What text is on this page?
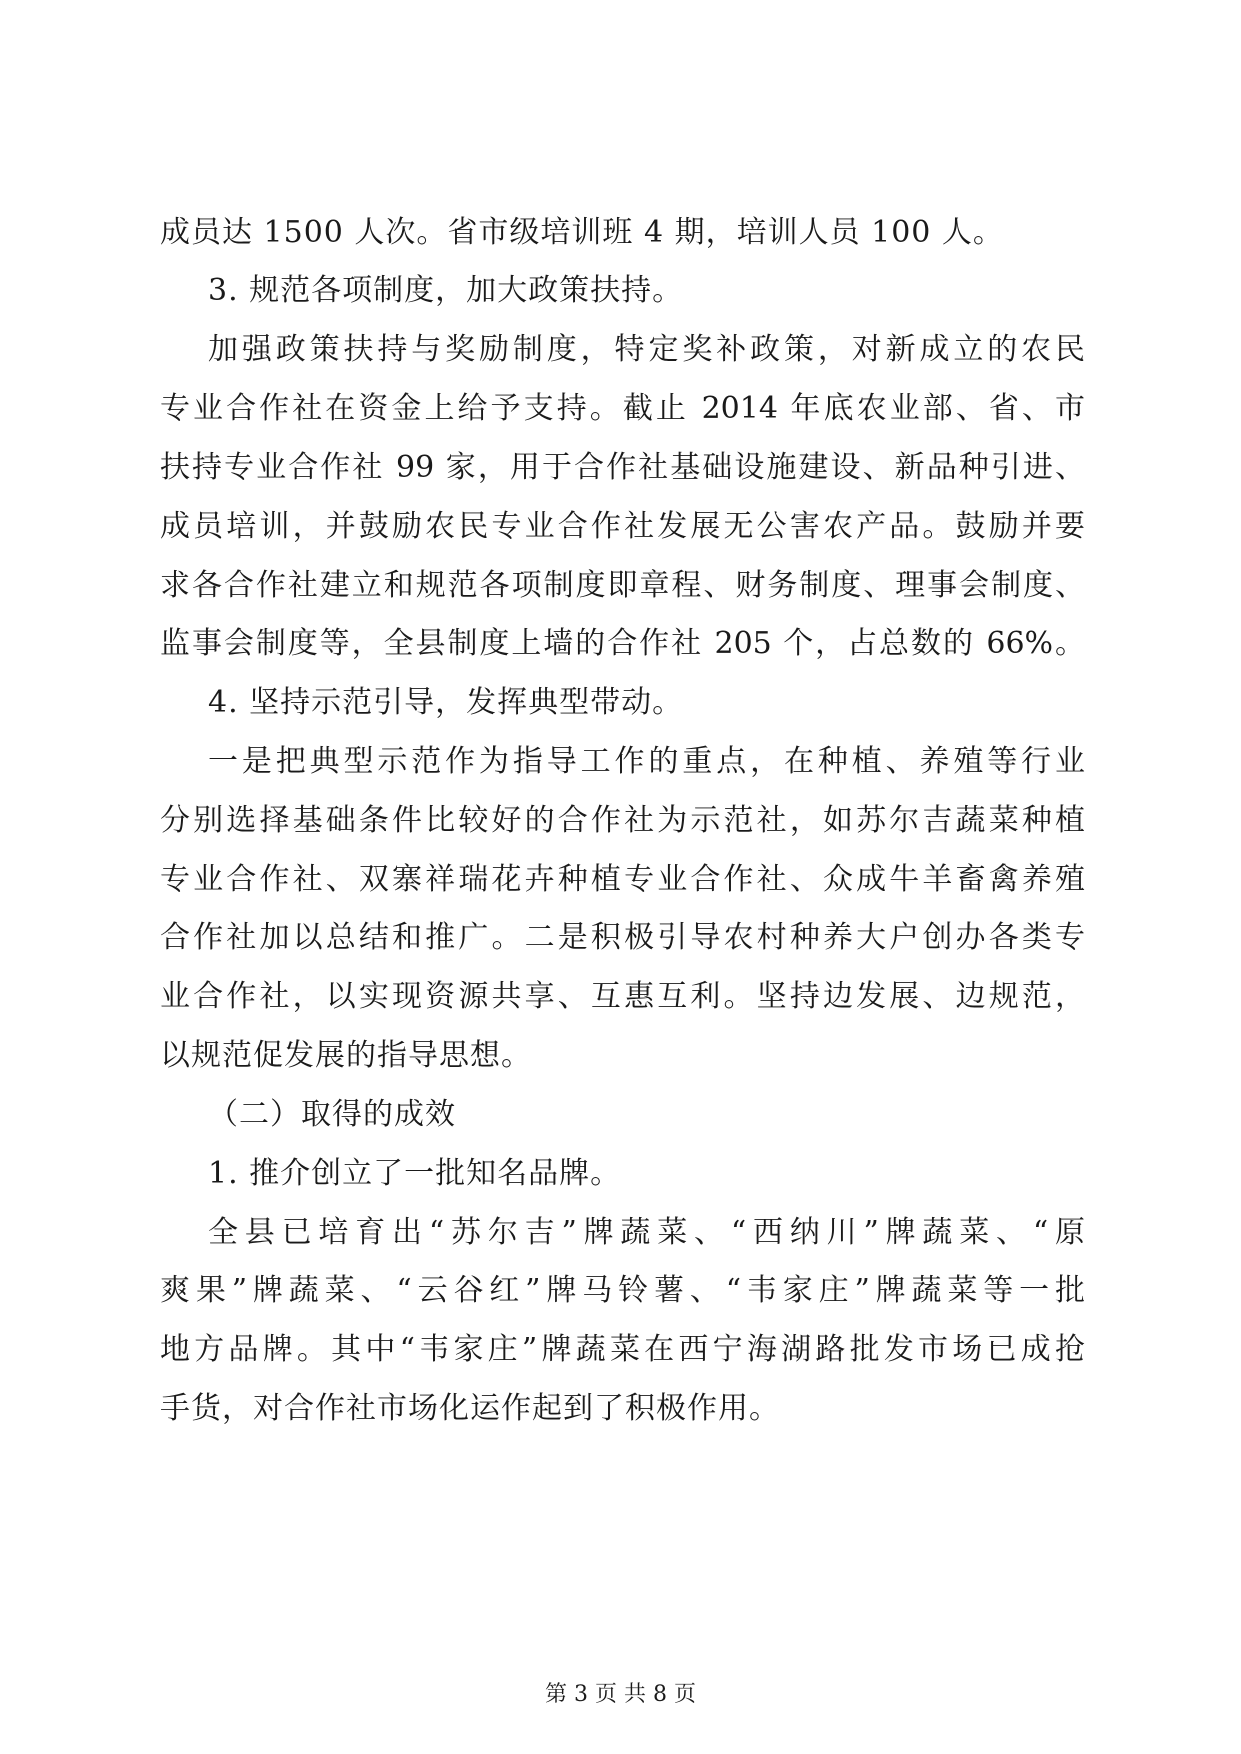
成员达 1500 人次。省市级培训班 4 期，培训人员 100 人。
3. 规范各项制度，加大政策扶持。
加强政策扶持与奖励制度，特定奖补政策，对新成立的农民
专业合作社在资金上给予支持。截止 2014 年底农业部、省、市
扶持专业合作社 99 家，用于合作社基础设施建设、新品种引进、
成员培训，并鼓励农民专业合作社发展无公害农产品。鼓励并要
求各合作社建立和规范各项制度即章程、财务制度、理事会制度、
监事会制度等，全县制度上墙的合作社 205 个，占总数的 66%。
4. 坚持示范引导，发挥典型带动。
一是把典型示范作为指导工作的重点，在种植、养殖等行业
分别选择基础条件比较好的合作社为示范社，如苏尔吉蔬菜种植
专业合作社、双寨祥瑞花卉种植专业合作社、众成牛羊畜禽养殖
合作社加以总结和推广。二是积极引导农村种养大户创办各类专
业合作社，以实现资源共享、互惠互利。坚持边发展、边规范，
以规范促发展的指导思想。
（二）取得的成效
1. 推介创立了一批知名品牌。
全县已培育出“苏尔吉”牌蔬菜、“西纳川”牌蔬菜、“原
爽果”牌蔬菜、“云谷红”牌马铃薯、“韦家庄”牌蔬菜等一批
地方品牌。其中“韦家庄”牌蔬菜在西宁海湖路批发市场已成抢
手货，对合作社市场化运作起到了积极作用。
第 3 页 共 8 页
